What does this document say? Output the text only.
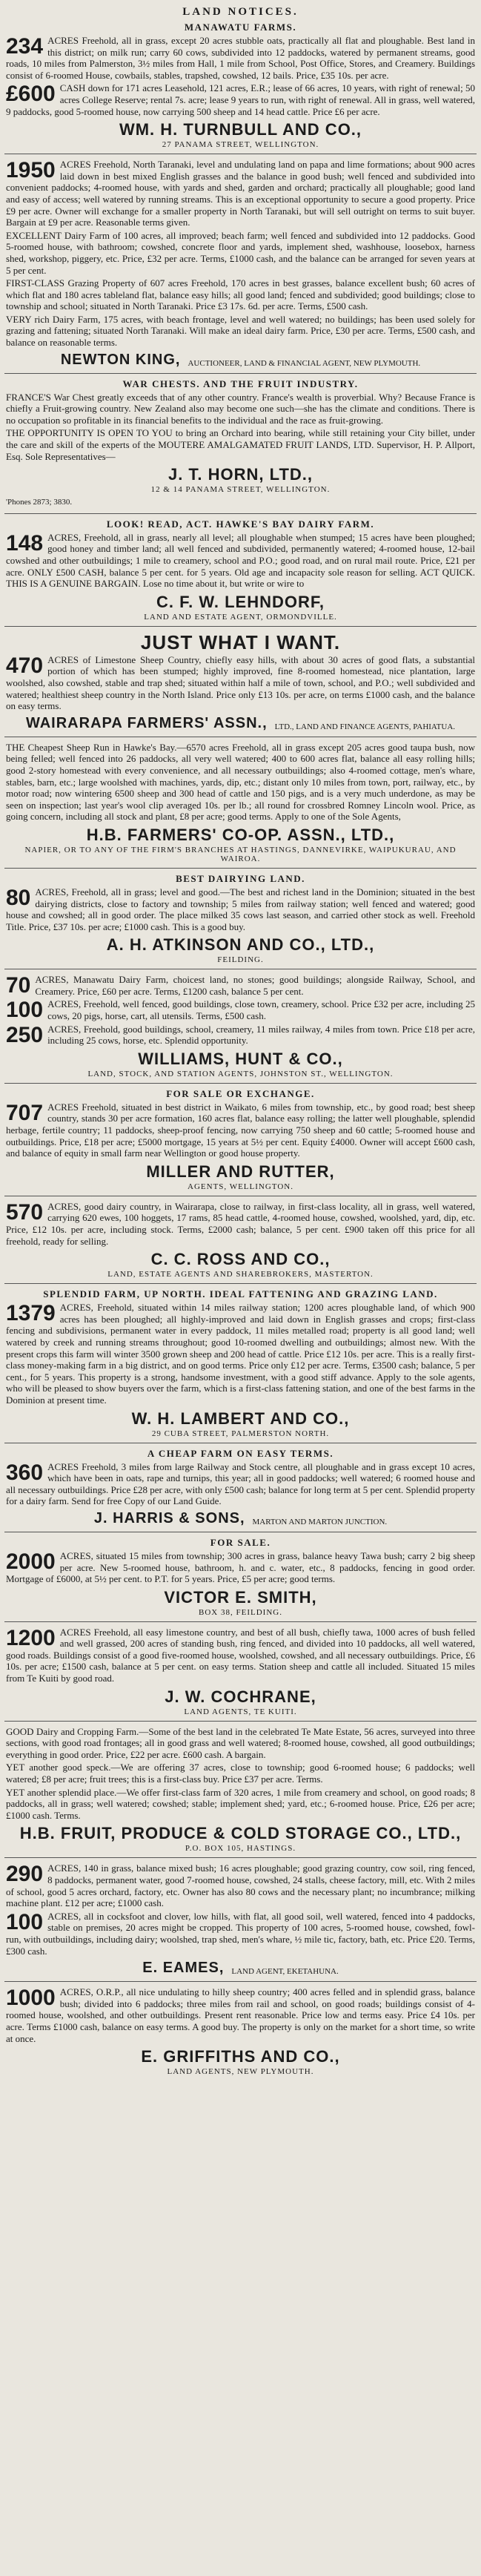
LAND NOTICES.
MANAWATU FARMS.
234 ACRES Freehold, all in grass, except 20 acres stubble oats, practically all flat and ploughable. Best land in this district; on milk run; carry 60 cows, subdivided into 12 paddocks, watered by permanent streams, good roads, 10 miles from Palmerston, 3½ miles from Hall, 1 mile from School, Post Office, Stores, and Creamery. Buildings consist of 6-roomed House, cowbails, stables, trapshed, cowshed, 12 bails. Price, £35 10s. per acre.
£600 CASH down for 171 acres Leasehold, 121 acres, E.R.; lease of 66 acres, 10 years, with right of renewal; 50 acres College Reserve; rental 7s. acre; lease 9 years to run, with right of renewal. All in grass, well watered, 9 paddocks, good 5-roomed house, now carrying 500 sheep and 14 head cattle. Price £6 per acre.
WM. H. TURNBULL AND CO.,
27 PANAMA STREET, WELLINGTON.
1950 ACRES Freehold, North Taranaki, level and undulating land on papa and lime formations; about 900 acres laid down in best mixed English grasses and the balance in good bush; well fenced and subdivided into convenient paddocks; 4-roomed house, with yards and shed, garden and orchard; practically all ploughable; good land and easy of access; well watered by running streams. This is an exceptional opportunity to secure a good property. Price £9 per acre. Owner will exchange for a smaller property in North Taranaki, but will sell outright on terms to suit buyer. Bargain at £9 per acre. Reasonable terms given.
EXCELLENT Dairy Farm of 100 acres, all improved; beach farm; well fenced and subdivided into 12 paddocks. Good 5-roomed house, with bathroom; cowshed, concrete floor and yards, implement shed, washhouse, loosebox, harness shed, workshop, piggery, etc. Price, £32 per acre. Terms, £1000 cash, and the balance can be arranged for seven years at 5 per cent.
FIRST-CLASS Grazing Property of 607 acres Freehold, 170 acres in best grasses, balance excellent bush; 60 acres of which flat and 180 acres tableland flat, balance easy hills; all good land; fenced and subdivided; good buildings; close to township and school; situated in North Taranaki. Price £3 17s. 6d. per acre. Terms, £500 cash.
VERY rich Dairy Farm, 175 acres, with beach frontage, level and well watered; no buildings; has been used solely for grazing and fattening; situated North Taranaki. Will make an ideal dairy farm. Price, £30 per acre. Terms, £500 cash, and balance on reasonable terms.
NEWTON KING, AUCTIONEER, LAND & FINANCIAL AGENT, NEW PLYMOUTH.
WAR CHESTS. AND THE FRUIT INDUSTRY.
FRANCE'S War Chest greatly exceeds that of any other country. France's wealth is proverbial. Why? Because France is chiefly a Fruit-growing country. New Zealand also may become one such—she has the climate and conditions. There is no occupation so profitable in its financial benefits to the individual and the race as fruit-growing.
THE OPPORTUNITY IS OPEN TO YOU to bring an Orchard into bearing, while still retaining your City billet, under the care and skill of the experts of the MOUTERE AMALGAMATED FRUIT LANDS, LTD. Supervisor, H. P. Allport, Esq. Sole Representatives—
J. T. HORN, LTD.,
12 & 14 PANAMA STREET, WELLINGTON.
'Phones 2873; 3830.
LOOK! READ, ACT. HAWKE'S BAY DAIRY FARM.
148 ACRES, Freehold, all in grass, nearly all level; all ploughable when stumped; 15 acres have been ploughed; good honey and timber land; all well fenced and subdivided, permanently watered; 4-roomed house, 12-bail cowshed and other outbuildings; 1 mile to creamery, school and P.O.; good road, and on rural mail route. Price, £21 per acre. ONLY £500 CASH, balance 5 per cent. for 5 years. Old age and incapacity sole reason for selling. ACT QUICK. THIS IS A GENUINE BARGAIN. Lose no time about it, but write or wire to
C. F. W. LEHNDORF,
LAND AND ESTATE AGENT, ORMONDVILLE.
JUST WHAT I WANT.
470 ACRES of Limestone Sheep Country, chiefly easy hills, with about 30 acres of good flats, a substantial portion of which has been stumped; highly improved, fine 8-roomed homestead, nice plantation, large woolshed, also cowshed, stable and trap shed; situated within half a mile of town, school, and P.O.; well subdivided and watered; healthiest sheep country in the North Island. Price only £13 10s. per acre, on terms £1000 cash, and the balance on easy terms.
WAIRARAPA FARMERS' ASSN., LTD., LAND AND FINANCE AGENTS, PAHIATUA.
THE Cheapest Sheep Run in Hawke's Bay.—6570 acres Freehold, all in grass except 205 acres good taupa bush, now being felled; well fenced into 26 paddocks, all very well watered; 400 to 600 acres flat, balance all easy rolling hills; good 2-story homestead with every convenience, and all necessary outbuildings; also 4-roomed cottage, men's whare, stables, barn, etc.; large woolshed with machines, yards, dip, etc.; distant only 10 miles from town, port, railway, etc., by motor road; now wintering 6500 sheep and 300 head of cattle and 150 pigs, and is a very much underdone, as may be seen on inspection; last year's wool clip averaged 10s. per lb.; all round for crossbred Romney Lincoln wool. Price, as going concern, including all stock and plant, £8 per acre; good terms. Apply to one of the Sole Agents,
H.B. FARMERS' CO-OP. ASSN., LTD.,
NAPIER, OR TO ANY OF THE FIRM'S BRANCHES AT HASTINGS, DANNEVIRKE, WAIPUKURAU, AND WAIROA.
BEST DAIRYING LAND.
80 ACRES, Freehold, all in grass; level and good.—The best and richest land in the Dominion; situated in the best dairying districts, close to factory and township; 5 miles from railway station; well fenced and watered; good house and cowshed; all in good order. The place milked 35 cows last season, and carried other stock as well. Freehold Title. Price, £37 10s. per acre; £1000 cash. This is a good buy.
A. H. ATKINSON AND CO., LTD.,
FEILDING.
70 ACRES, Manawatu Dairy Farm, choicest land, no stones; good buildings; alongside Railway, School, and Creamery. Price, £60 per acre. Terms, £1200 cash, balance 5 per cent.
100 ACRES, Freehold, well fenced, good buildings, close town, creamery, school. Price £32 per acre, including 25 cows, 20 pigs, horse, cart, all utensils. Terms, £500 cash.
250 ACRES, Freehold, good buildings, school, creamery, 11 miles railway, 4 miles from town. Price £18 per acre, including 25 cows, horse, etc. Splendid opportunity.
WILLIAMS, HUNT & CO.,
LAND, STOCK, AND STATION AGENTS, JOHNSTON ST., WELLINGTON.
FOR SALE OR EXCHANGE.
707 ACRES Freehold, situated in best district in Waikato, 6 miles from township, etc., by good road; best sheep country, stands 30 per acre formation, 160 acres flat, balance easy rolling; the latter well ploughable, splendid herbage, fertile country; 11 paddocks, sheep-proof fencing, now carrying 750 sheep and 60 cattle; 5-roomed house and outbuildings. Price, £18 per acre; £5000 mortgage, 15 years at 5½ per cent. Equity £4000. Owner will accept £600 cash, and balance of equity in small farm near Wellington or good house property.
MILLER AND RUTTER,
AGENTS, WELLINGTON.
570 ACRES, good dairy country, in Wairarapa, close to railway, in first-class locality, all in grass, well watered, carrying 620 ewes, 100 hoggets, 17 rams, 85 head cattle, 4-roomed house, cowshed, woolshed, yard, dip, etc. Price, £12 10s. per acre, including stock. Terms, £2000 cash; balance, 5 per cent. £900 taken off this price for all freehold, ready for selling.
C. C. ROSS AND CO.,
LAND, ESTATE AGENTS AND SHAREBROKERS, MASTERTON.
SPLENDID FARM, UP NORTH. IDEAL FATTENING AND GRAZING LAND.
1379 ACRES, Freehold, situated within 14 miles railway station; 1200 acres ploughable land, of which 900 acres has been ploughed; all highly-improved and laid down in English grasses and crops; first-class fencing and subdivisions, permanent water in every paddock, 11 miles metalled road; property is all good land; well watered by creek and running streams throughout; good 10-roomed dwelling and outbuildings; almost new. With the present crops this farm will winter 3500 grown sheep and 200 head of cattle. Price £12 10s. per acre. This is a really first-class money-making farm in a big district, and on good terms. Price only £12 per acre. Terms, £3500 cash; balance, 5 per cent., for 5 years. This property is a strong, handsome investment, with a good stiff advance. Apply to the sole agents, who will be pleased to show buyers over the farm, which is a first-class fattening station, and one of the best farms in the Dominion at present time.
W. H. LAMBERT AND CO.,
29 CUBA STREET, PALMERSTON NORTH.
A CHEAP FARM ON EASY TERMS.
360 ACRES Freehold, 3 miles from large Railway and Stock centre, all ploughable and in grass except 10 acres, which have been in oats, rape and turnips, this year; all in good paddocks; well watered; 6 roomed house and all necessary outbuildings. Price £28 per acre, with only £500 cash; balance for long term at 5 per cent. Splendid property for a dairy farm. Send for free Copy of our Land Guide.
J. HARRIS & SONS, MARTON AND MARTON JUNCTION.
FOR SALE.
2000 ACRES, situated 15 miles from township; 300 acres in grass, balance heavy Tawa bush; carry 2 big sheep per acre. New 5-roomed house, bathroom, h. and c. water, etc., 8 paddocks, fencing in good order. Mortgage of £6000, at 5½ per cent. to P.T. for 5 years. Price, £5 per acre; good terms.
VICTOR E. SMITH,
BOX 38, FEILDING.
1200 ACRES Freehold, all easy limestone country, and best of all bush, chiefly tawa, 1000 acres of bush felled and well grassed, 200 acres of standing bush, ring fenced, and divided into 10 paddocks, all well watered, good roads. Buildings consist of a good five-roomed house, woolshed, cowshed, and all necessary outbuildings. Price, £6 10s. per acre; £1500 cash, balance at 5 per cent. on easy terms. Station sheep and cattle all included. Situated 15 miles from Te Kuiti by good road.
J. W. COCHRANE,
LAND AGENTS, TE KUITI.
GOOD Dairy and Cropping Farm.—Some of the best land in the celebrated Te Mate Estate, 56 acres, surveyed into three sections, with good road frontages; all in good grass and well watered; 8-roomed house, cowshed, all good outbuildings; everything in good order. Price, £22 per acre. £600 cash. A bargain.
YET another good speck.—We are offering 37 acres, close to township; good 6-roomed house; 6 paddocks; well watered; £8 per acre; fruit trees; this is a first-class buy. Price £37 per acre. Terms.
YET another splendid place.—We offer first-class farm of 320 acres, 1 mile from creamery and school, on good roads; 8 paddocks, all in grass; well watered; cowshed; stable; implement shed; yard, etc.; 6-roomed house. Price, £26 per acre; £1000 cash. Terms.
H.B. FRUIT, PRODUCE & COLD STORAGE CO., LTD.,
P.O. BOX 105, HASTINGS.
290 ACRES, 140 in grass, balance mixed bush; 16 acres ploughable; good grazing country, cow soil, ring fenced, 8 paddocks, permanent water, good 7-roomed house, cowshed, 24 stalls, cheese factory, mill, etc. With 2 miles of school, good 5 acres orchard, factory, etc. Owner has also 80 cows and the necessary plant; no incumbrance; milking machine plant. £12 per acre; £1000 cash.
100 ACRES, all in cocksfoot and clover, low hills, with flat, all good soil, well watered, fenced into 4 paddocks, stable on premises, 20 acres might be cropped. This property of 100 acres, 5-roomed house, cowshed, fowl-run, with outbuildings, including dairy; woolshed, trap shed, men's whare, ½ mile tic, factory, bath, etc. Price £20. Terms, £300 cash.
E. EAMES, LAND AGENT, EKETAHUNA.
1000 ACRES, O.R.P., all nice undulating to hilly sheep country; 400 acres felled and in splendid grass, balance bush; divided into 6 paddocks; three miles from rail and school, on good roads; buildings consist of 4-roomed house, woolshed, and other outbuildings. Present rent reasonable. Price low and terms easy. Price £4 10s. per acre. Terms £1000 cash, balance on easy terms. A good buy. The property is only on the market for a short time, so write at once.
E. GRIFFITHS AND CO.,
LAND AGENTS, NEW PLYMOUTH.
